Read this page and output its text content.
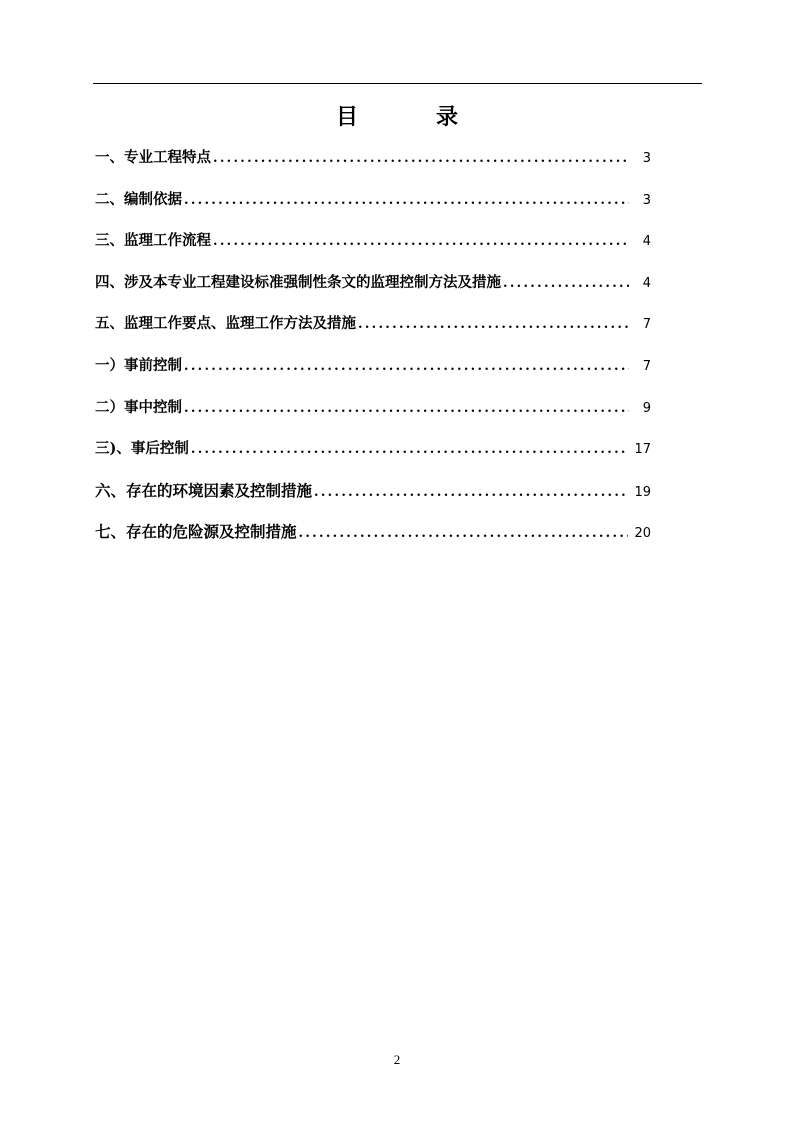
目　录
一、专业工程特点 .....	3
二、编制依据 .....	3
三、监理工作流程 .....	4
四、涉及本专业工程建设标准强制性条文的监理控制方法及措施 .....	4
五、监理工作要点、监理工作方法及措施 .....	7
一）事前控制 .....	7
二）事中控制 .....	9
三)、事后控制 .....	17
六、存在的环境因素及控制措施 .....	19
七、存在的危险源及控制措施 .....	20
2
